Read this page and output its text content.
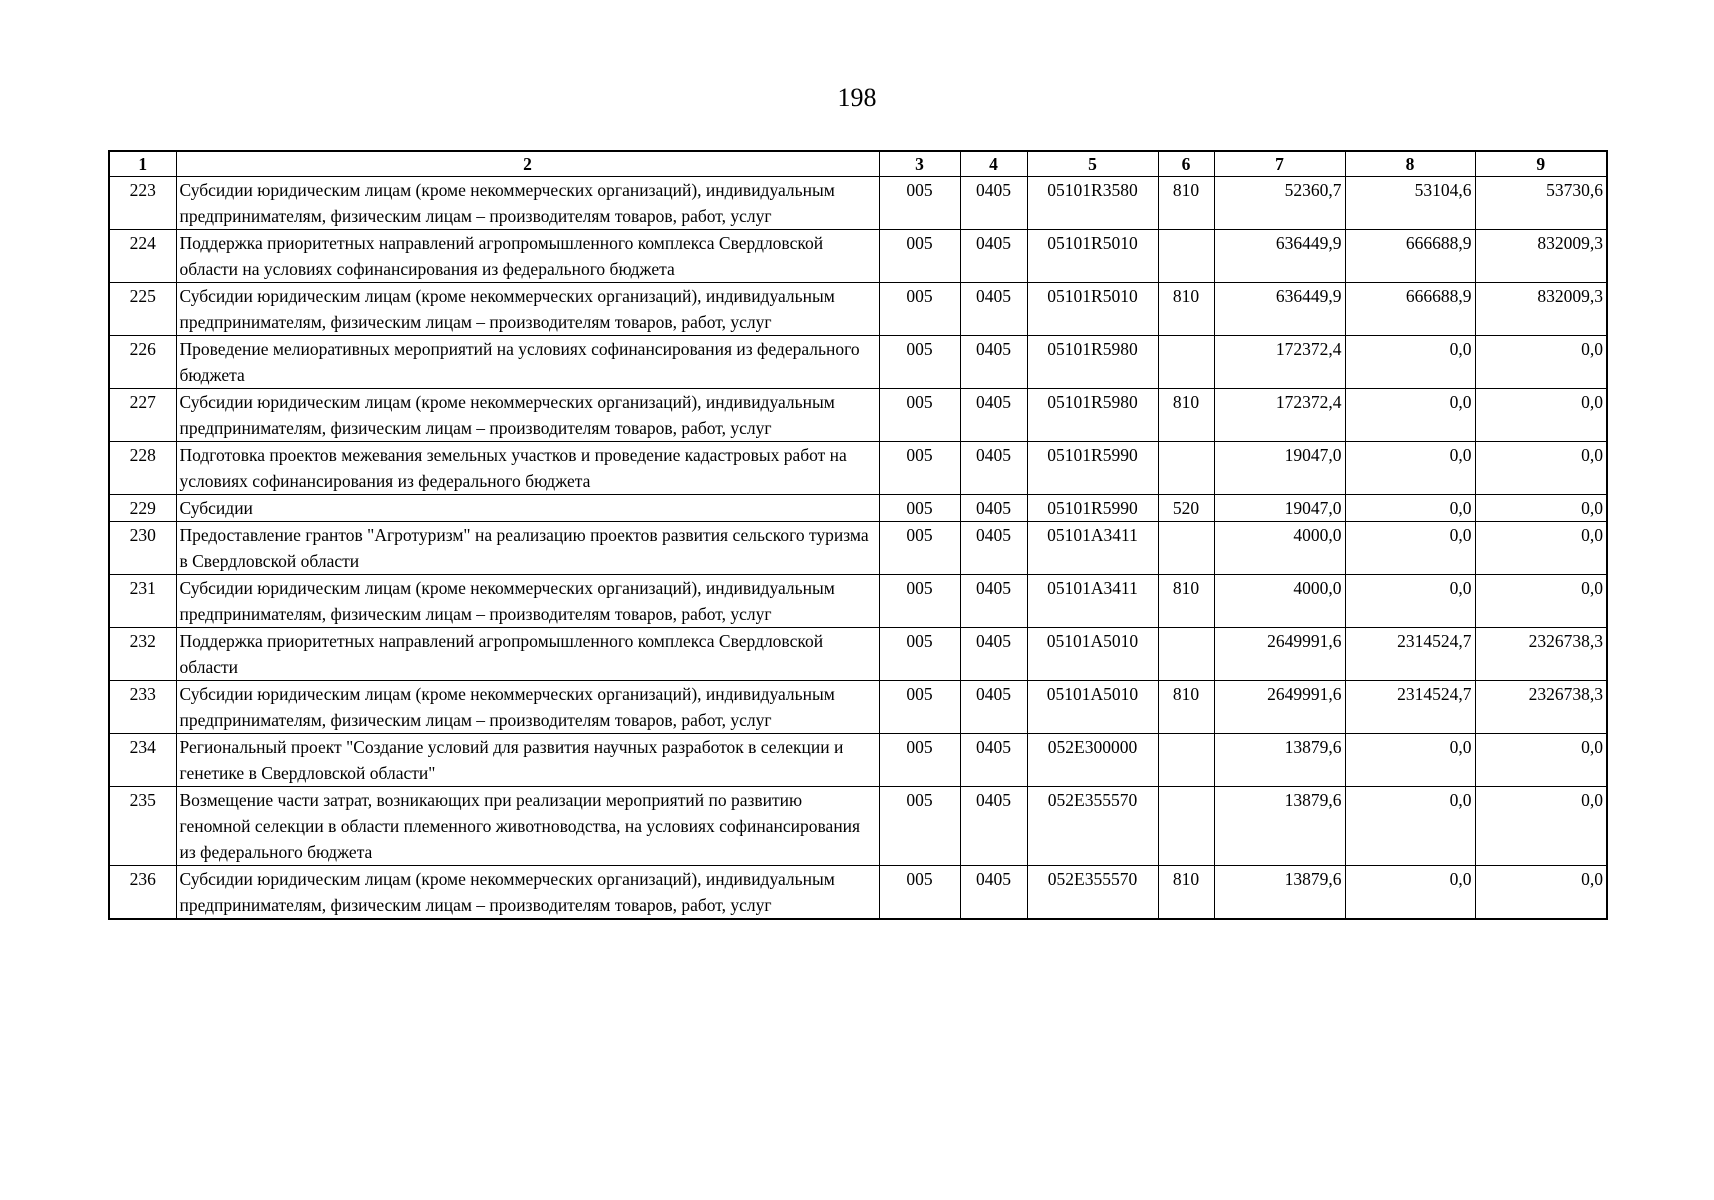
198
1	2	3	4	5	6	7	8	9
223	Субсидии юридическим лицам (кроме некоммерческих организаций), индивидуальным предпринимателям, физическим лицам – производителям товаров, работ, услуг	005	0405	05101R3580	810	52360,7	53104,6	53730,6
224	Поддержка приоритетных направлений агропромышленного комплекса Свердловской области на условиях софинансирования из федерального бюджета	005	0405	05101R5010		636449,9	666688,9	832009,3
225	Субсидии юридическим лицам (кроме некоммерческих организаций), индивидуальным предпринимателям, физическим лицам – производителям товаров, работ, услуг	005	0405	05101R5010	810	636449,9	666688,9	832009,3
226	Проведение мелиоративных мероприятий на условиях софинансирования из федерального бюджета	005	0405	05101R5980		172372,4	0,0	0,0
227	Субсидии юридическим лицам (кроме некоммерческих организаций), индивидуальным предпринимателям, физическим лицам – производителям товаров, работ, услуг	005	0405	05101R5980	810	172372,4	0,0	0,0
228	Подготовка проектов межевания земельных участков и проведение кадастровых работ на условиях софинансирования из федерального бюджета	005	0405	05101R5990		19047,0	0,0	0,0
229	Субсидии	005	0405	05101R5990	520	19047,0	0,0	0,0
230	Предоставление грантов "Агротуризм" на реализацию проектов развития сельского туризма в Свердловской области	005	0405	05101A3411		4000,0	0,0	0,0
231	Субсидии юридическим лицам (кроме некоммерческих организаций), индивидуальным предпринимателям, физическим лицам – производителям товаров, работ, услуг	005	0405	05101A3411	810	4000,0	0,0	0,0
232	Поддержка приоритетных направлений агропромышленного комплекса Свердловской области	005	0405	05101A5010		2649991,6	2314524,7	2326738,3
233	Субсидии юридическим лицам (кроме некоммерческих организаций), индивидуальным предпринимателям, физическим лицам – производителям товаров, работ, услуг	005	0405	05101A5010	810	2649991,6	2314524,7	2326738,3
234	Региональный проект "Создание условий для развития научных разработок в селекции и генетике в Свердловской области"	005	0405	052E300000		13879,6	0,0	0,0
235	Возмещение части затрат, возникающих при реализации мероприятий по развитию геномной селекции в области племенного животноводства, на условиях софинансирования из федерального бюджета	005	0405	052E355570		13879,6	0,0	0,0
236	Субсидии юридическим лицам (кроме некоммерческих организаций), индивидуальным предпринимателям, физическим лицам – производителям товаров, работ, услуг	005	0405	052E355570	810	13879,6	0,0	0,0
